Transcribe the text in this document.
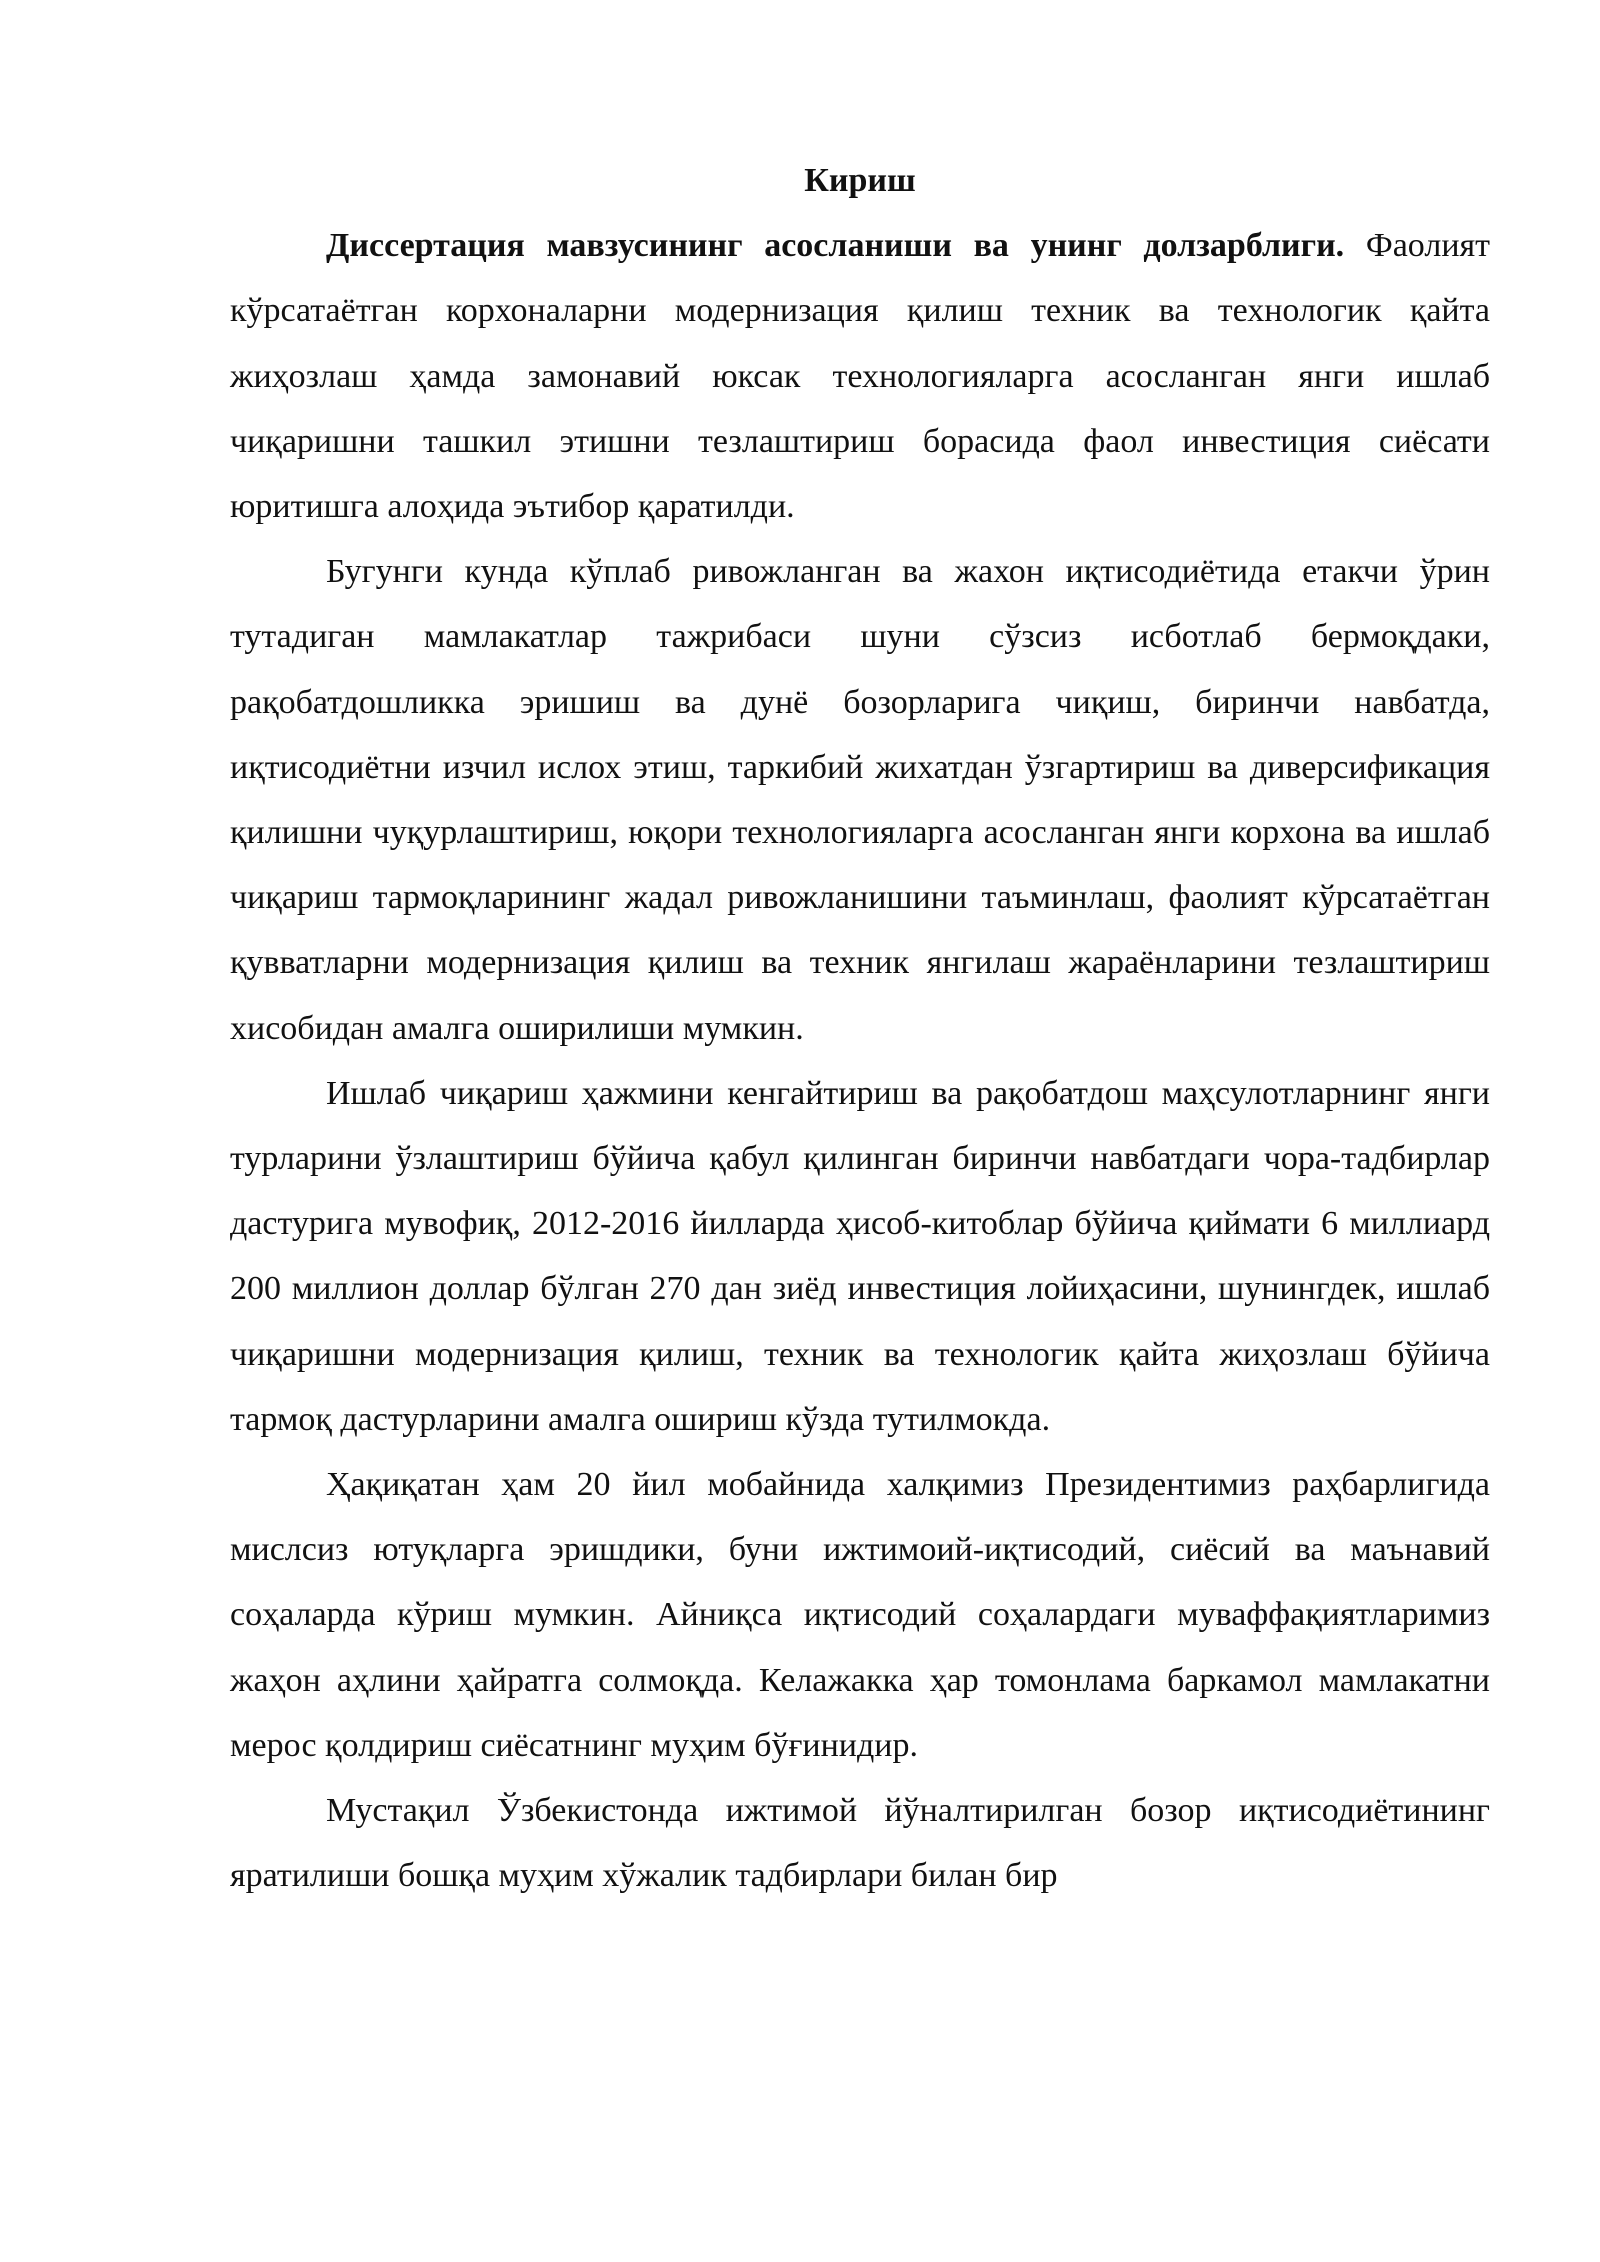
Кириш

Диссертация мавзусининг асосланиши ва унинг долзарблиги. Фаолият кўрсатаётган корхоналарни модернизация қилиш техник ва технологик қайта жиҳозлаш ҳамда замонавий юксак технологияларга асосланган янги ишлаб чиқаришни ташкил этишни тезлаштириш борасида фаол инвестиция сиёсати юритишга алоҳида эътибор қаратилди.

Бугунги кунда кўплаб ривожланган ва жахон иқтисодиётида етакчи ўрин тутадиган мамлакатлар тажрибаси шуни сўзсиз исботлаб бермоқдаки, рақобатдошликка эришиш ва дунё бозорларига чиқиш, биринчи навбатда, иқтисодиётни изчил ислох этиш, таркибий жихатдан ўзгартириш ва диверсификация қилишни чуқурлаштириш, юқори технологияларга асосланган янги корхона ва ишлаб чиқариш тармоқларининг жадал ривожланишини таъминлаш, фаолият кўрсатаётган қувватларни модернизация қилиш ва техник янгилаш жараёнларини тезлаштириш хисобидан амалга оширилиши мумкин.

Ишлаб чиқариш ҳажмини кенгайтириш ва рақобатдош маҳсулотларнинг янги турларини ўзлаштириш бўйича қабул қилинган биринчи навбатдаги чора-тадбирлар дастурига мувофиқ, 2012-2016 йилларда ҳисоб-китоблар бўйича қиймати 6 миллиард 200 миллион доллар бўлган 270 дан зиёд инвестиция лойиҳасини, шунингдек, ишлаб чиқаришни модернизация қилиш, техник ва технологик қайта жиҳозлаш бўйича тармоқ дастурларини амалга ошириш кўзда тутилмокда.

Ҳақиқатан ҳам 20 йил мобайнида халқимиз Президентимиз раҳбарлигида мислсиз ютуқларга эришдики, буни ижтимоий-иқтисодий, сиёсий ва маънавий соҳаларда кўриш мумкин. Айниқса иқтисодий соҳалардаги муваффақиятларимиз жаҳон аҳлини ҳайратга солмоқда. Келажакка ҳар томонлама баркамол мамлакатни мерос қолдириш сиёсатнинг муҳим бўғинидир.

Мустақил Ўзбекистонда ижтимой йўналтирилган бозор иқтисодиётининг яратилиши бошқа муҳим хўжалик тадбирлари билан бир
